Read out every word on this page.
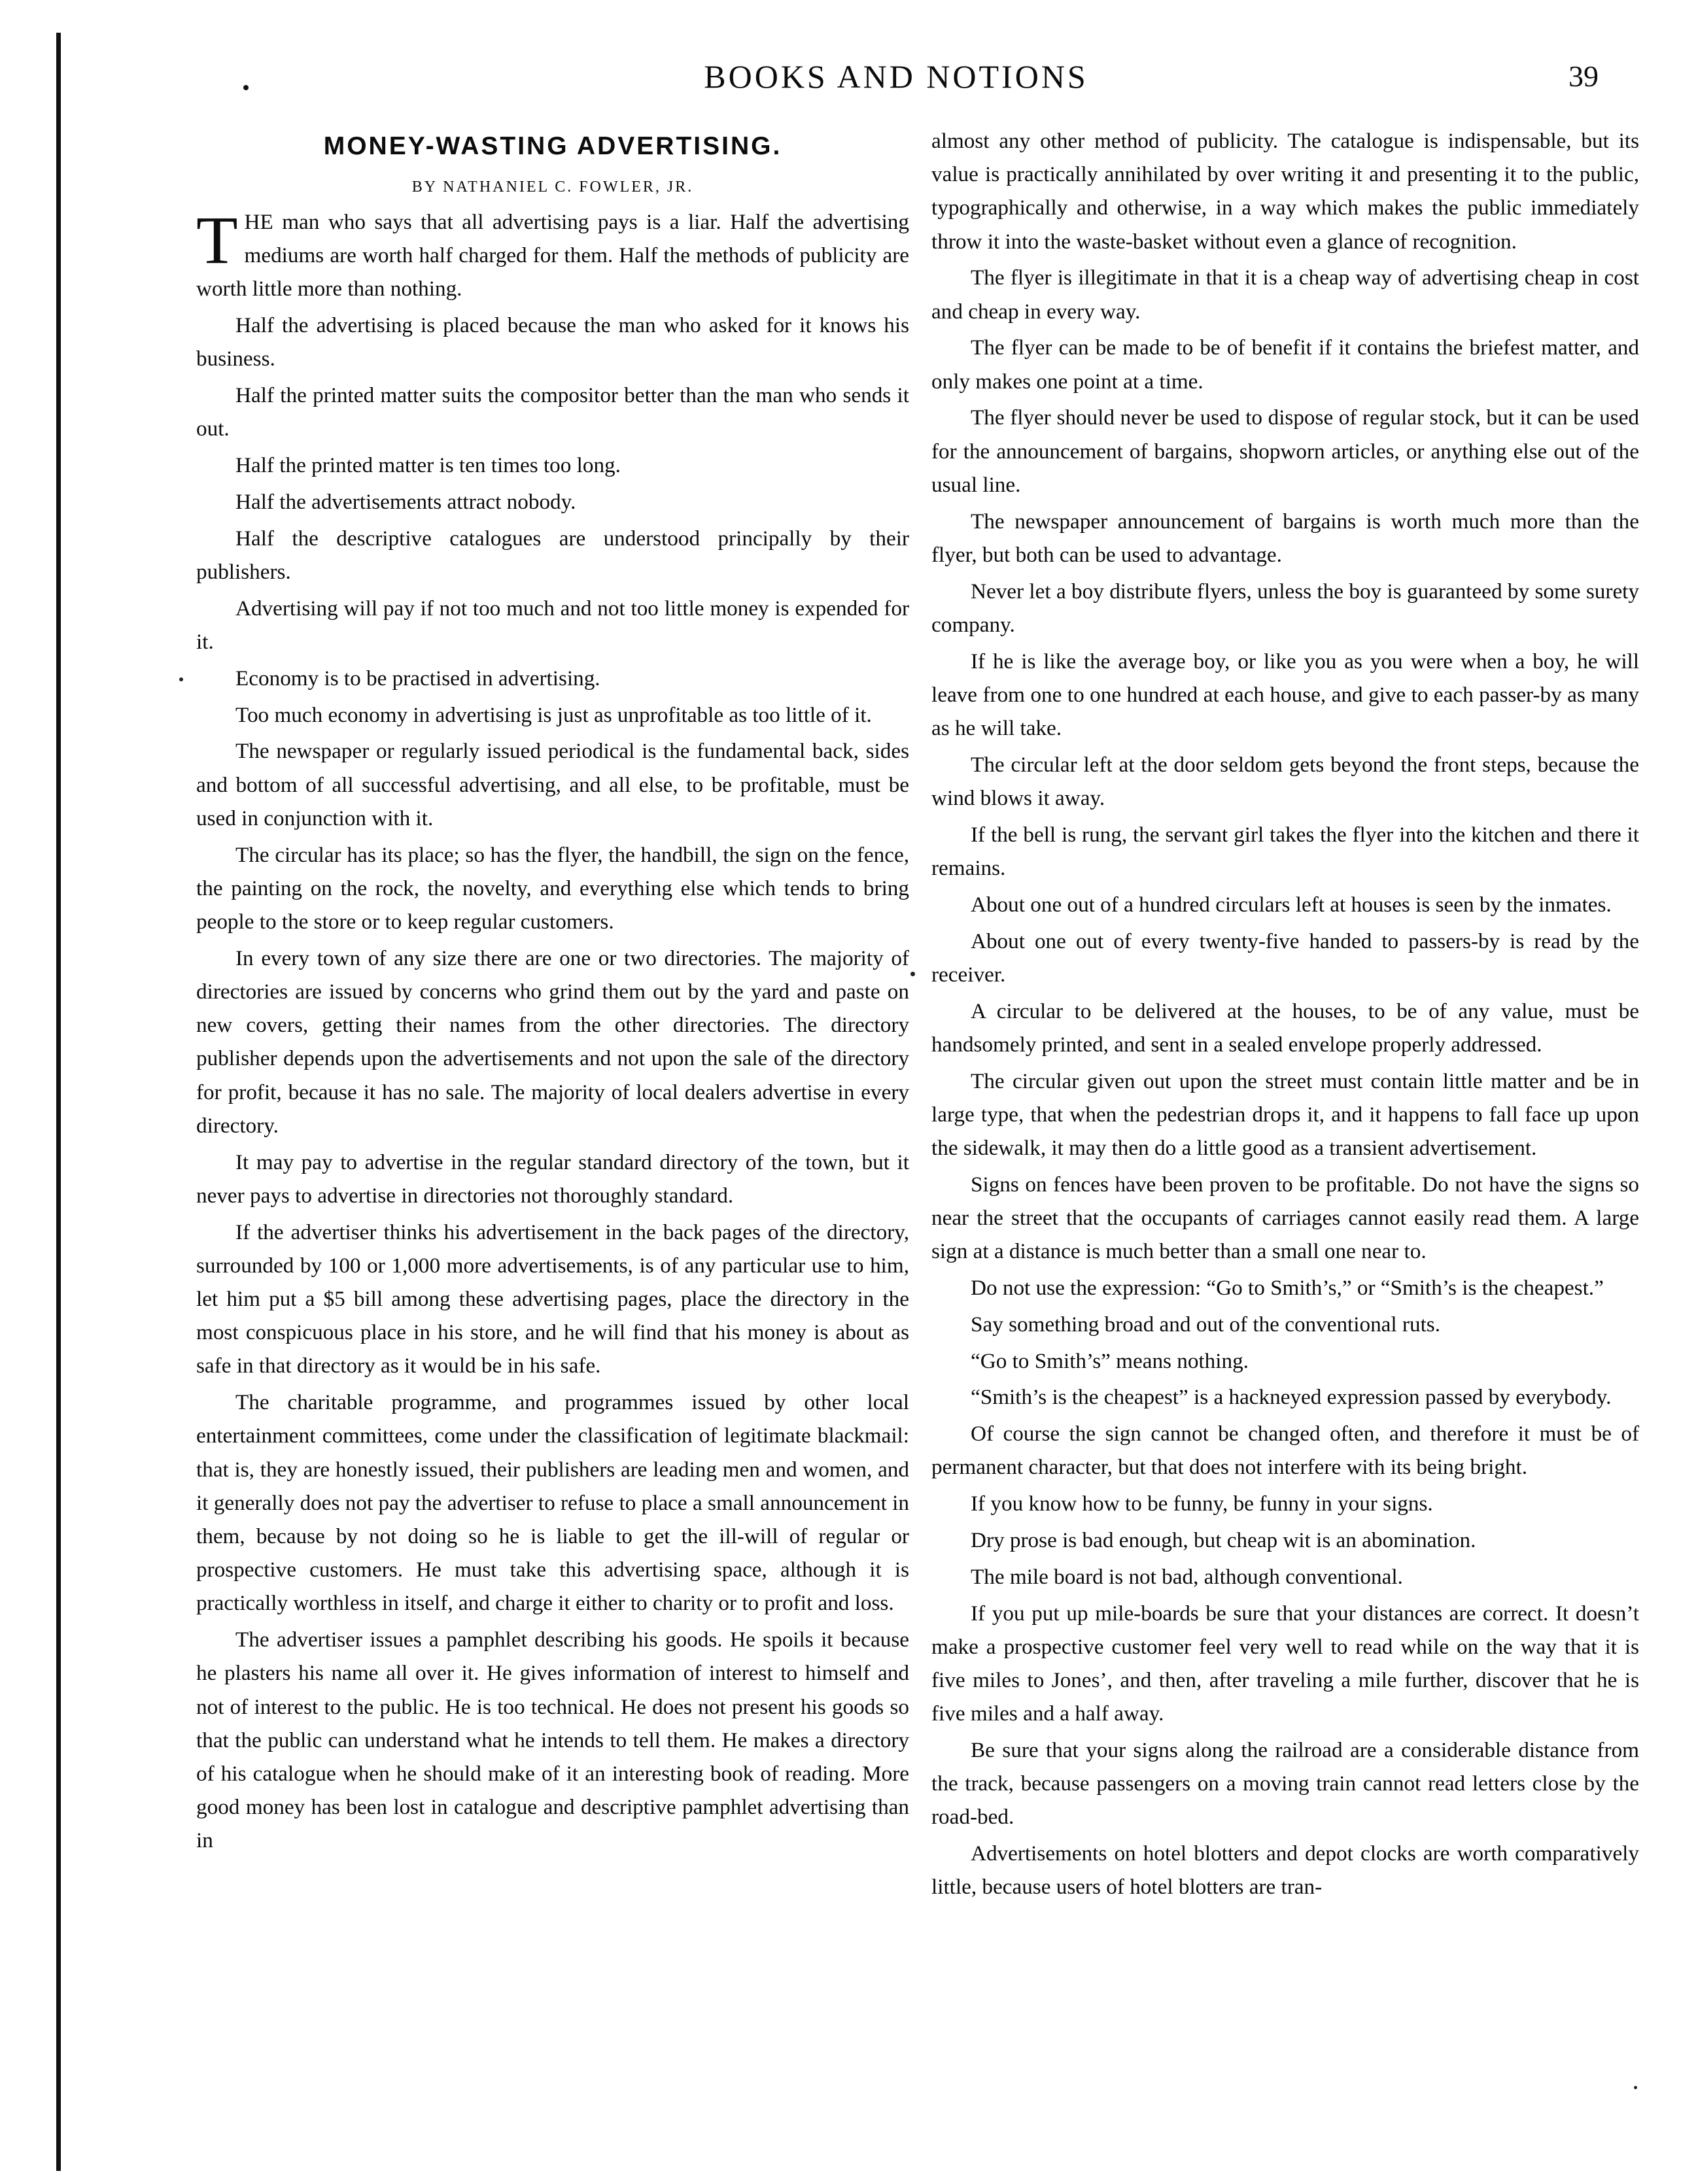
BOOKS AND NOTIONS	39
MONEY-WASTING ADVERTISING.
BY NATHANIEL C. FOWLER, JR.

THE man who says that all advertising pays is a liar. Half the advertising mediums are worth half charged for them. Half the methods of publicity are worth little more than nothing.

Half the advertising is placed because the man who asked for it knows his business.

Half the printed matter suits the compositor better than the man who sends it out.

Half the printed matter is ten times too long.

Half the advertisements attract nobody.

Half the descriptive catalogues are understood principally by their publishers.

Advertising will pay if not too much and not too little money is expended for it.

Economy is to be practised in advertising.

Too much economy in advertising is just as unprofitable as too little of it.

The newspaper or regularly issued periodical is the fundamental back, sides and bottom of all successful advertising, and all else, to be profitable, must be used in conjunction with it.

The circular has its place; so has the flyer, the handbill, the sign on the fence, the painting on the rock, the novelty, and everything else which tends to bring people to the store or to keep regular customers.

In every town of any size there are one or two directories. The majority of directories are issued by concerns who grind them out by the yard and paste on new covers, getting their names from the other directories. The directory publisher depends upon the advertisements and not upon the sale of the directory for profit, because it has no sale. The majority of local dealers advertise in every directory.

It may pay to advertise in the regular standard directory of the town, but it never pays to advertise in directories not thoroughly standard.

If the advertiser thinks his advertisement in the back pages of the directory, surrounded by 100 or 1,000 more advertisements, is of any particular use to him, let him put a $5 bill among these advertising pages, place the directory in the most conspicuous place in his store, and he will find that his money is about as safe in that directory as it would be in his safe.

The charitable programme, and programmes issued by other local entertainment committees, come under the classification of legitimate blackmail: that is, they are honestly issued, their publishers are leading men and women, and it generally does not pay the advertiser to refuse to place a small announcement in them, because by not doing so he is liable to get the ill-will of regular or prospective customers. He must take this advertising space, although it is practically worthless in itself, and charge it either to charity or to profit and loss.

The advertiser issues a pamphlet describing his goods. He spoils it because he plasters his name all over it. He gives information of interest to himself and not of interest to the public. He is too technical. He does not present his goods so that the public can understand what he intends to tell them. He makes a directory of his catalogue when he should make of it an interesting book of reading. More good money has been lost in catalogue and descriptive pamphlet advertising than in

almost any other method of publicity. The catalogue is indispensable, but its value is practically annihilated by over writing it and presenting it to the public, typographically and otherwise, in a way which makes the public immediately throw it into the waste-basket without even a glance of recognition.

The flyer is illegitimate in that it is a cheap way of advertising cheap in cost and cheap in every way.

The flyer can be made to be of benefit if it contains the briefest matter, and only makes one point at a time.

The flyer should never be used to dispose of regular stock, but it can be used for the announcement of bargains, shopworn articles, or anything else out of the usual line.

The newspaper announcement of bargains is worth much more than the flyer, but both can be used to advantage.

Never let a boy distribute flyers, unless the boy is guaranteed by some surety company.

If he is like the average boy, or like you as you were when a boy, he will leave from one to one hundred at each house, and give to each passer-by as many as he will take.

The circular left at the door seldom gets beyond the front steps, because the wind blows it away.

If the bell is rung, the servant girl takes the flyer into the kitchen and there it remains.

About one out of a hundred circulars left at houses is seen by the inmates.

About one out of every twenty-five handed to passers-by is read by the receiver.

A circular to be delivered at the houses, to be of any value, must be handsomely printed, and sent in a sealed envelope properly addressed.

The circular given out upon the street must contain little matter and be in large type, that when the pedestrian drops it, and it happens to fall face up upon the sidewalk, it may then do a little good as a transient advertisement.

Signs on fences have been proven to be profitable. Do not have the signs so near the street that the occupants of carriages cannot easily read them. A large sign at a distance is much better than a small one near to.

Do not use the expression: “Go to Smith’s,” or “Smith’s is the cheapest.”

Say something broad and out of the conventional ruts.

“Go to Smith’s” means nothing.

“Smith’s is the cheapest” is a hackneyed expression passed by everybody.

Of course the sign cannot be changed often, and therefore it must be of permanent character, but that does not interfere with its being bright.

If you know how to be funny, be funny in your signs.

Dry prose is bad enough, but cheap wit is an abomination.

The mile board is not bad, although conventional.

If you put up mile-boards be sure that your distances are correct. It doesn’t make a prospective customer feel very well to read while on the way that it is five miles to Jones’, and then, after traveling a mile further, discover that he is five miles and a half away.

Be sure that your signs along the railroad are a considerable distance from the track, because passengers on a moving train cannot read letters close by the road-bed.

Advertisements on hotel blotters and depot clocks are worth comparatively little, because users of hotel blotters are tran-
